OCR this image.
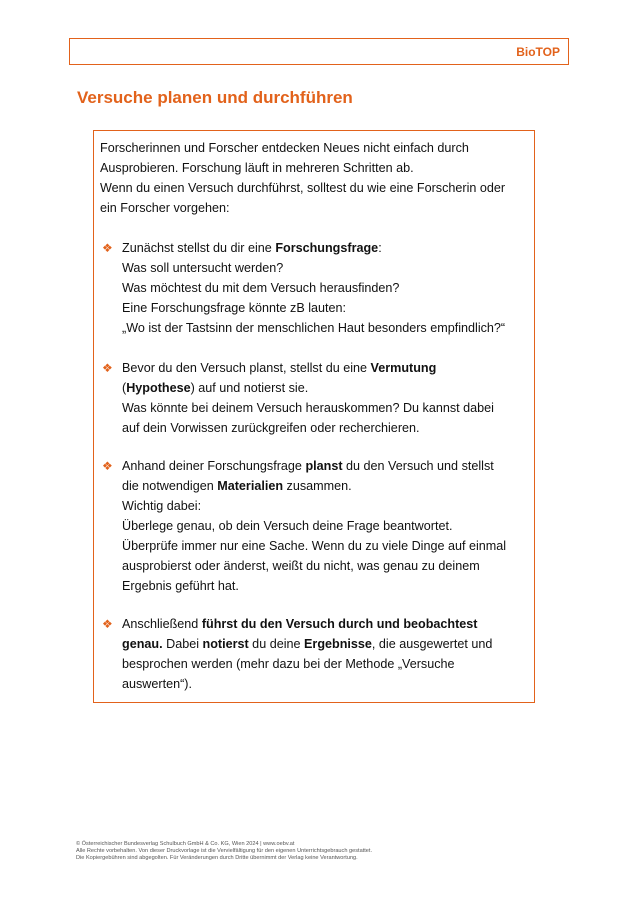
BioTOP
Versuche planen und durchführen

Forscherinnen und Forscher entdecken Neues nicht einfach durch
Ausprobieren. Forschung läuft in mehreren Schritten ab.
Wenn du einen Versuch durchführst, solltest du wie eine Forscherin oder
ein Forscher vorgehen:

❖ Zunächst stellst du dir eine Forschungsfrage:
Was soll untersucht werden?
Was möchtest du mit dem Versuch herausfinden?
Eine Forschungsfrage könnte zB lauten:
„Wo ist der Tastsinn der menschlichen Haut besonders empfindlich?“
❖ Bevor du den Versuch planst, stellst du eine Vermutung
(Hypothese) auf und notierst sie.
Was könnte bei deinem Versuch herauskommen? Du kannst dabei
auf dein Vorwissen zurückgreifen oder recherchieren.
❖ Anhand deiner Forschungsfrage planst du den Versuch und stellst
die notwendigen Materialien zusammen.
Wichtig dabei:
Überlege genau, ob dein Versuch deine Frage beantwortet.
Überprüfe immer nur eine Sache. Wenn du zu viele Dinge auf einmal
ausprobierst oder änderst, weißt du nicht, was genau zu deinem
Ergebnis geführt hat.
❖ Anschließend führst du den Versuch durch und beobachtest
genau. Dabei notierst du deine Ergebnisse, die ausgewertet und
besprochen werden (mehr dazu bei der Methode „Versuche
auswerten“).
© Österreichischer Bundesverlag Schulbuch GmbH & Co. KG, Wien 2024 | www.oebv.at
Alle Rechte vorbehalten. Von dieser Druckvorlage ist die Vervielfältigung für den eigenen Unterrichtsgebrauch gestattet.
Die Kopiergebühren sind abgegolten. Für Veränderungen durch Dritte übernimmt der Verlag keine Verantwortung.
